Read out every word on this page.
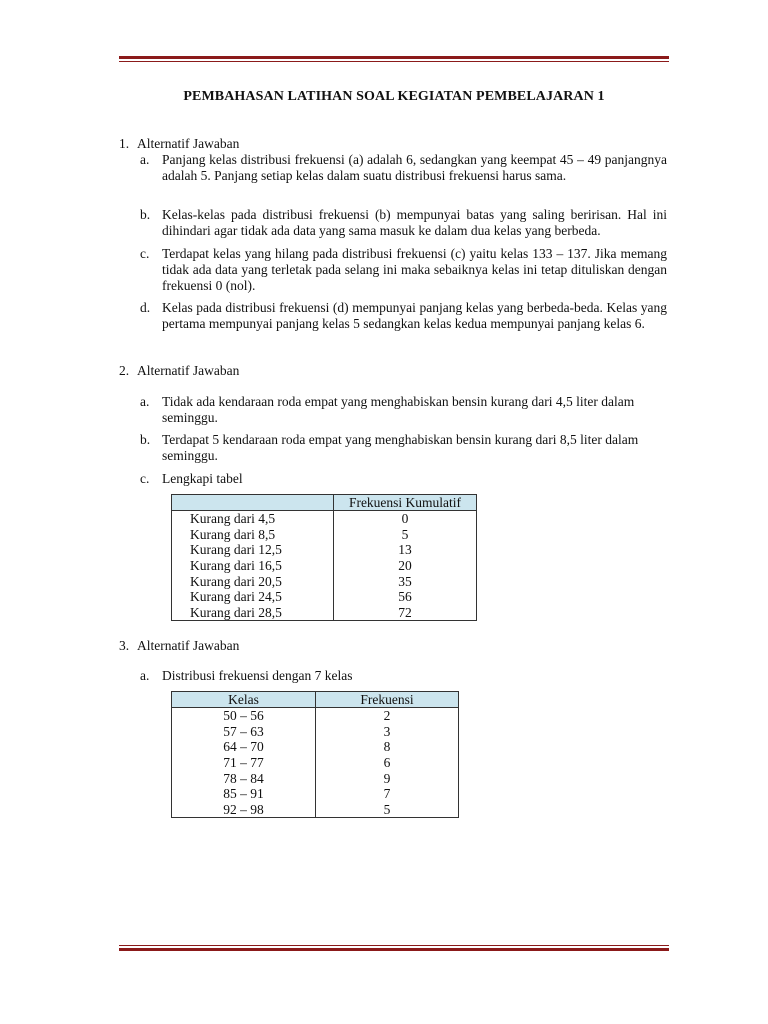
PEMBAHASAN LATIHAN SOAL KEGIATAN PEMBELAJARAN 1
1. Alternatif Jawaban
a. Panjang kelas distribusi frekuensi (a) adalah 6, sedangkan yang keempat 45 – 49 panjangnya adalah 5. Panjang setiap kelas dalam suatu distribusi frekuensi harus sama.
b. Kelas-kelas pada distribusi frekuensi (b) mempunyai batas yang saling beririsan. Hal ini dihindari agar tidak ada data yang sama masuk ke dalam dua kelas yang berbeda.
c. Terdapat kelas yang hilang pada distribusi frekuensi (c) yaitu kelas 133 – 137. Jika memang tidak ada data yang terletak pada selang ini maka sebaiknya kelas ini tetap dituliskan dengan frekuensi 0 (nol).
d. Kelas pada distribusi frekuensi (d) mempunyai panjang kelas yang berbeda-beda. Kelas yang pertama mempunyai panjang kelas 5 sedangkan kelas kedua mempunyai panjang kelas 6.
2. Alternatif Jawaban
a. Tidak ada kendaraan roda empat yang menghabiskan bensin kurang dari 4,5 liter dalam seminggu.
b. Terdapat 5 kendaraan roda empat yang menghabiskan bensin kurang dari 8,5 liter dalam seminggu.
c. Lengkapi tabel
	Frekuensi Kumulatif
Kurang dari 4,5	0
Kurang dari 8,5	5
Kurang dari 12,5	13
Kurang dari 16,5	20
Kurang dari 20,5	35
Kurang dari 24,5	56
Kurang dari 28,5	72
3. Alternatif Jawaban
a. Distribusi frekuensi dengan 7 kelas
Kelas	Frekuensi
50 – 56	2
57 – 63	3
64 – 70	8
71 – 77	6
78 – 84	9
85 – 91	7
92 – 98	5
